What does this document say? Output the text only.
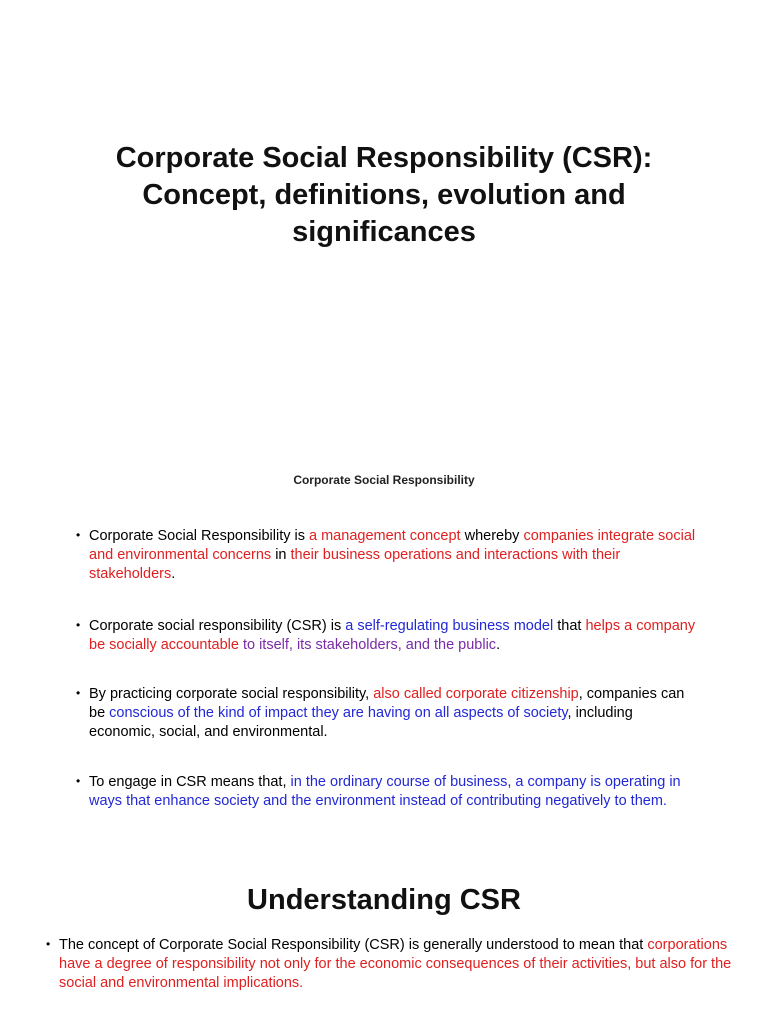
Corporate Social Responsibility (CSR):
Concept, definitions, evolution and
significances
Corporate Social Responsibility
• Corporate Social Responsibility is a management concept whereby companies integrate social and environmental concerns in their business operations and interactions with their stakeholders.
• Corporate social responsibility (CSR) is a self-regulating business model that helps a company be socially accountable to itself, its stakeholders, and the public.
• By practicing corporate social responsibility, also called corporate citizenship, companies can be conscious of the kind of impact they are having on all aspects of society, including economic, social, and environmental.
• To engage in CSR means that, in the ordinary course of business, a company is operating in ways that enhance society and the environment instead of contributing negatively to them.
Understanding CSR

• The concept of Corporate Social Responsibility (CSR) is generally understood to mean that corporations have a degree of responsibility not only for the economic consequences of their activities, but also for the social and environmental implications.
